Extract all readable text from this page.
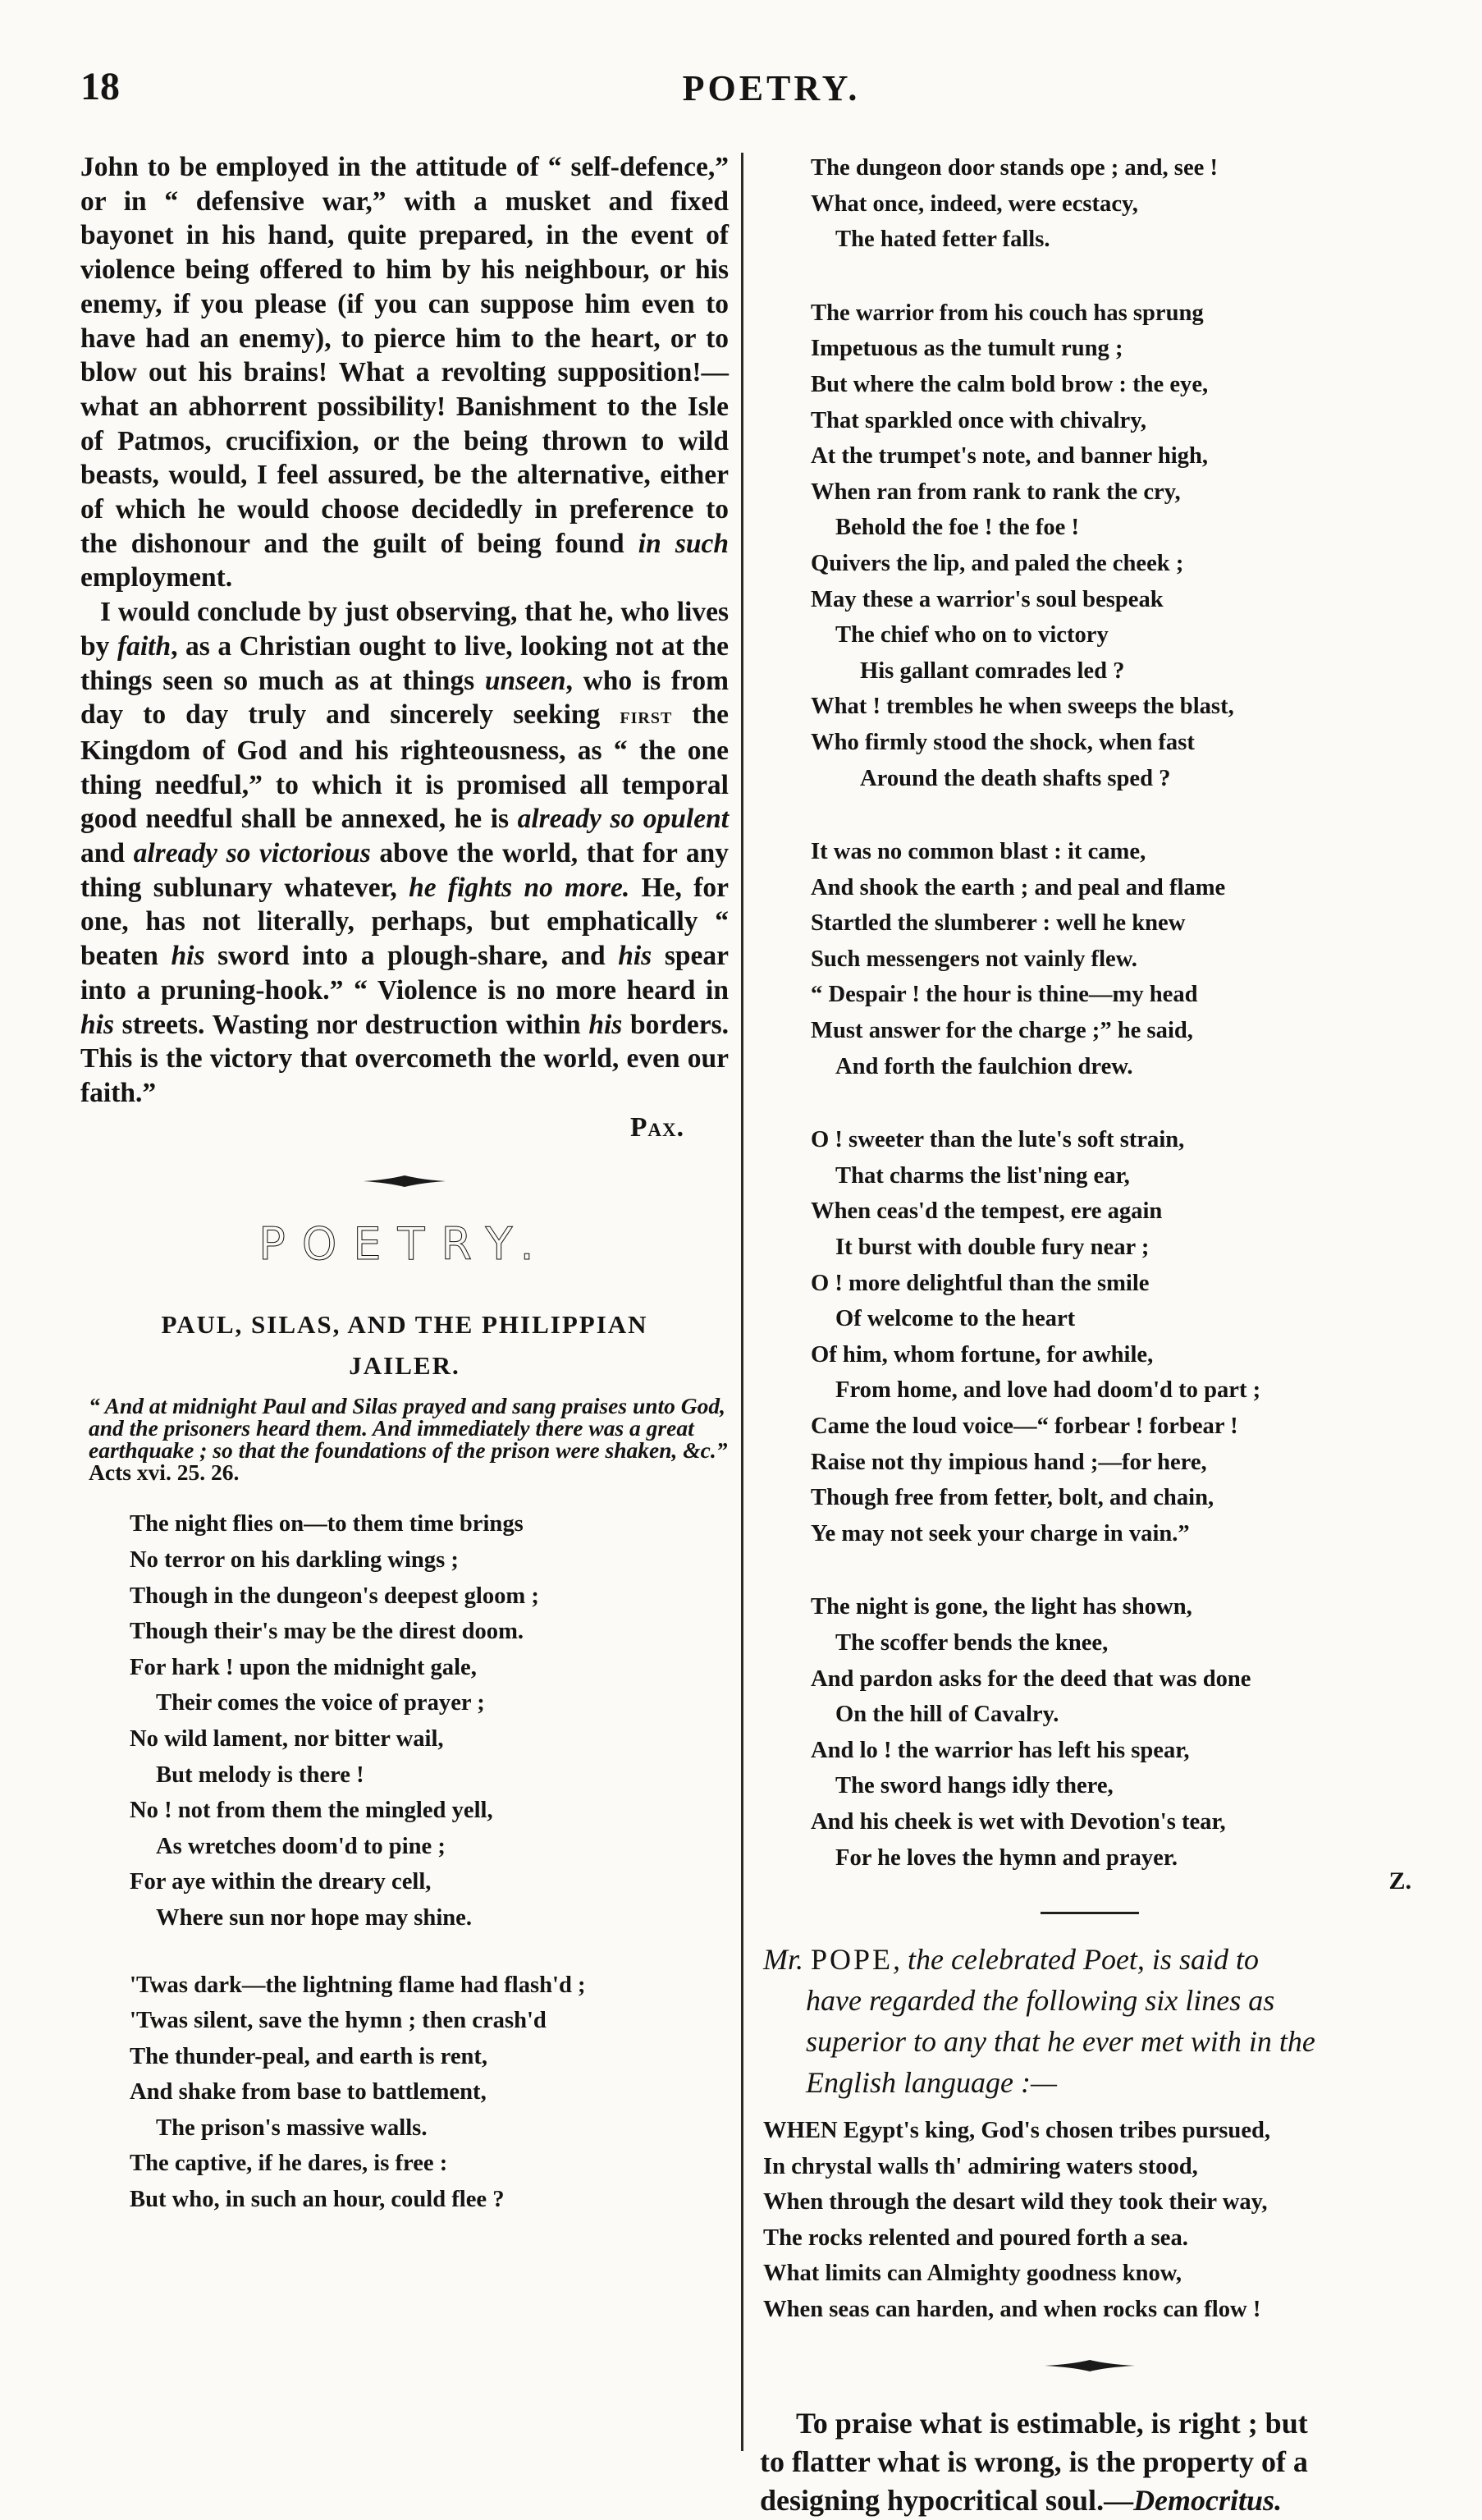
18	POETRY.

John to be employed in the attitude of “ self-defence,” or in “ defensive war,” with a musket and fixed bayonet in his hand, quite prepared, in the event of violence being offered to him by his neighbour, or his enemy, if you please (if you can suppose him even to have had an enemy), to pierce him to the heart, or to blow out his brains! What a revolting supposition!—what an abhorrent possibility! Banishment to the Isle of Patmos, crucifixion, or the being thrown to wild beasts, would, I feel assured, be the alternative, either of which he would choose decidedly in preference to the dishonour and the guilt of being found in such employment.

I would conclude by just observing, that he, who lives by faith, as a Christian ought to live, looking not at the things seen so much as at things unseen, who is from day to day truly and sincerely seeking first the Kingdom of God and his righteousness, as “ the one thing needful,” to which it is promised all temporal good needful shall be annexed, he is already so opulent and already so victorious above the world, that for any thing sublunary whatever, he fights no more. He, for one, has not literally, perhaps, but emphatically “ beaten his sword into a plough-share, and his spear into a pruning-hook.” “ Violence is no more heard in his streets. Wasting nor destruction within his borders. This is the victory that overcometh the world, even our faith.”

Pax.
POETRY.
PAUL, SILAS, AND THE PHILIPPIAN
JAILER.
“ And at midnight Paul and Silas prayed and sang praises unto God, and the prisoners heard them. And immediately there was a great earthquake ; so that the foundations of the prison were shaken, &c.”
Acts xvi. 25. 26.
The night flies on—to them time brings
No terror on his darkling wings ;
Though in the dungeon's deepest gloom ;
Though their's may be the direst doom.
For hark ! upon the midnight gale,
Their comes the voice of prayer ;
No wild lament, nor bitter wail,
But melody is there !
No ! not from them the mingled yell,
As wretches doom'd to pine ;
For aye within the dreary cell,
Where sun nor hope may shine.
'Twas dark—the lightning flame had flash'd ;
'Twas silent, save the hymn ; then crash'd
The thunder-peal, and earth is rent,
And shake from base to battlement,
The prison's massive walls.
The captive, if he dares, is free :
But who, in such an hour, could flee ?
The dungeon door stands ope ; and, see !
What once, indeed, were ecstacy,
The hated fetter falls.
The warrior from his couch has sprung
Impetuous as the tumult rung ;
But where the calm bold brow : the eye,
That sparkled once with chivalry,
At the trumpet's note, and banner high,
When ran from rank to rank the cry,
Behold the foe ! the foe !
Quivers the lip, and paled the cheek ;
May these a warrior's soul bespeak
The chief who on to victory
His gallant comrades led ?
What ! trembles he when sweeps the blast,
Who firmly stood the shock, when fast
Around the death shafts sped ?
It was no common blast : it came,
And shook the earth ; and peal and flame
Startled the slumberer : well he knew
Such messengers not vainly flew.
“ Despair ! the hour is thine—my head
Must answer for the charge ;” he said,
And forth the faulchion drew.
O ! sweeter than the lute's soft strain,
That charms the list'ning ear,
When ceas'd the tempest, ere again
It burst with double fury near ;
O ! more delightful than the smile
Of welcome to the heart
Of him, whom fortune, for awhile,
From home, and love had doom'd to part ;
Came the loud voice—“ forbear ! forbear !
Raise not thy impious hand ;—for here,
Though free from fetter, bolt, and chain,
Ye may not seek your charge in vain.”
The night is gone, the light has shown,
The scoffer bends the knee,
And pardon asks for the deed that was done
On the hill of Cavalry.
And lo ! the warrior has left his spear,
The sword hangs idly there,
And his cheek is wet with Devotion's tear,
For he loves the hymn and prayer.
Z.
Mr. POPE, the celebrated Poet, is said to
have regarded the following six lines as
superior to any that he ever met with in the
English language :—
WHEN Egypt's king, God's chosen tribes pursued,
In chrystal walls th' admiring waters stood,
When through the desart wild they took their way,
The rocks relented and poured forth a sea.
What limits can Almighty goodness know,
When seas can harden, and when rocks can flow !
To praise what is estimable, is right ; but
to flatter what is wrong, is the property of a
designing hypocritical soul.—Democritus.
